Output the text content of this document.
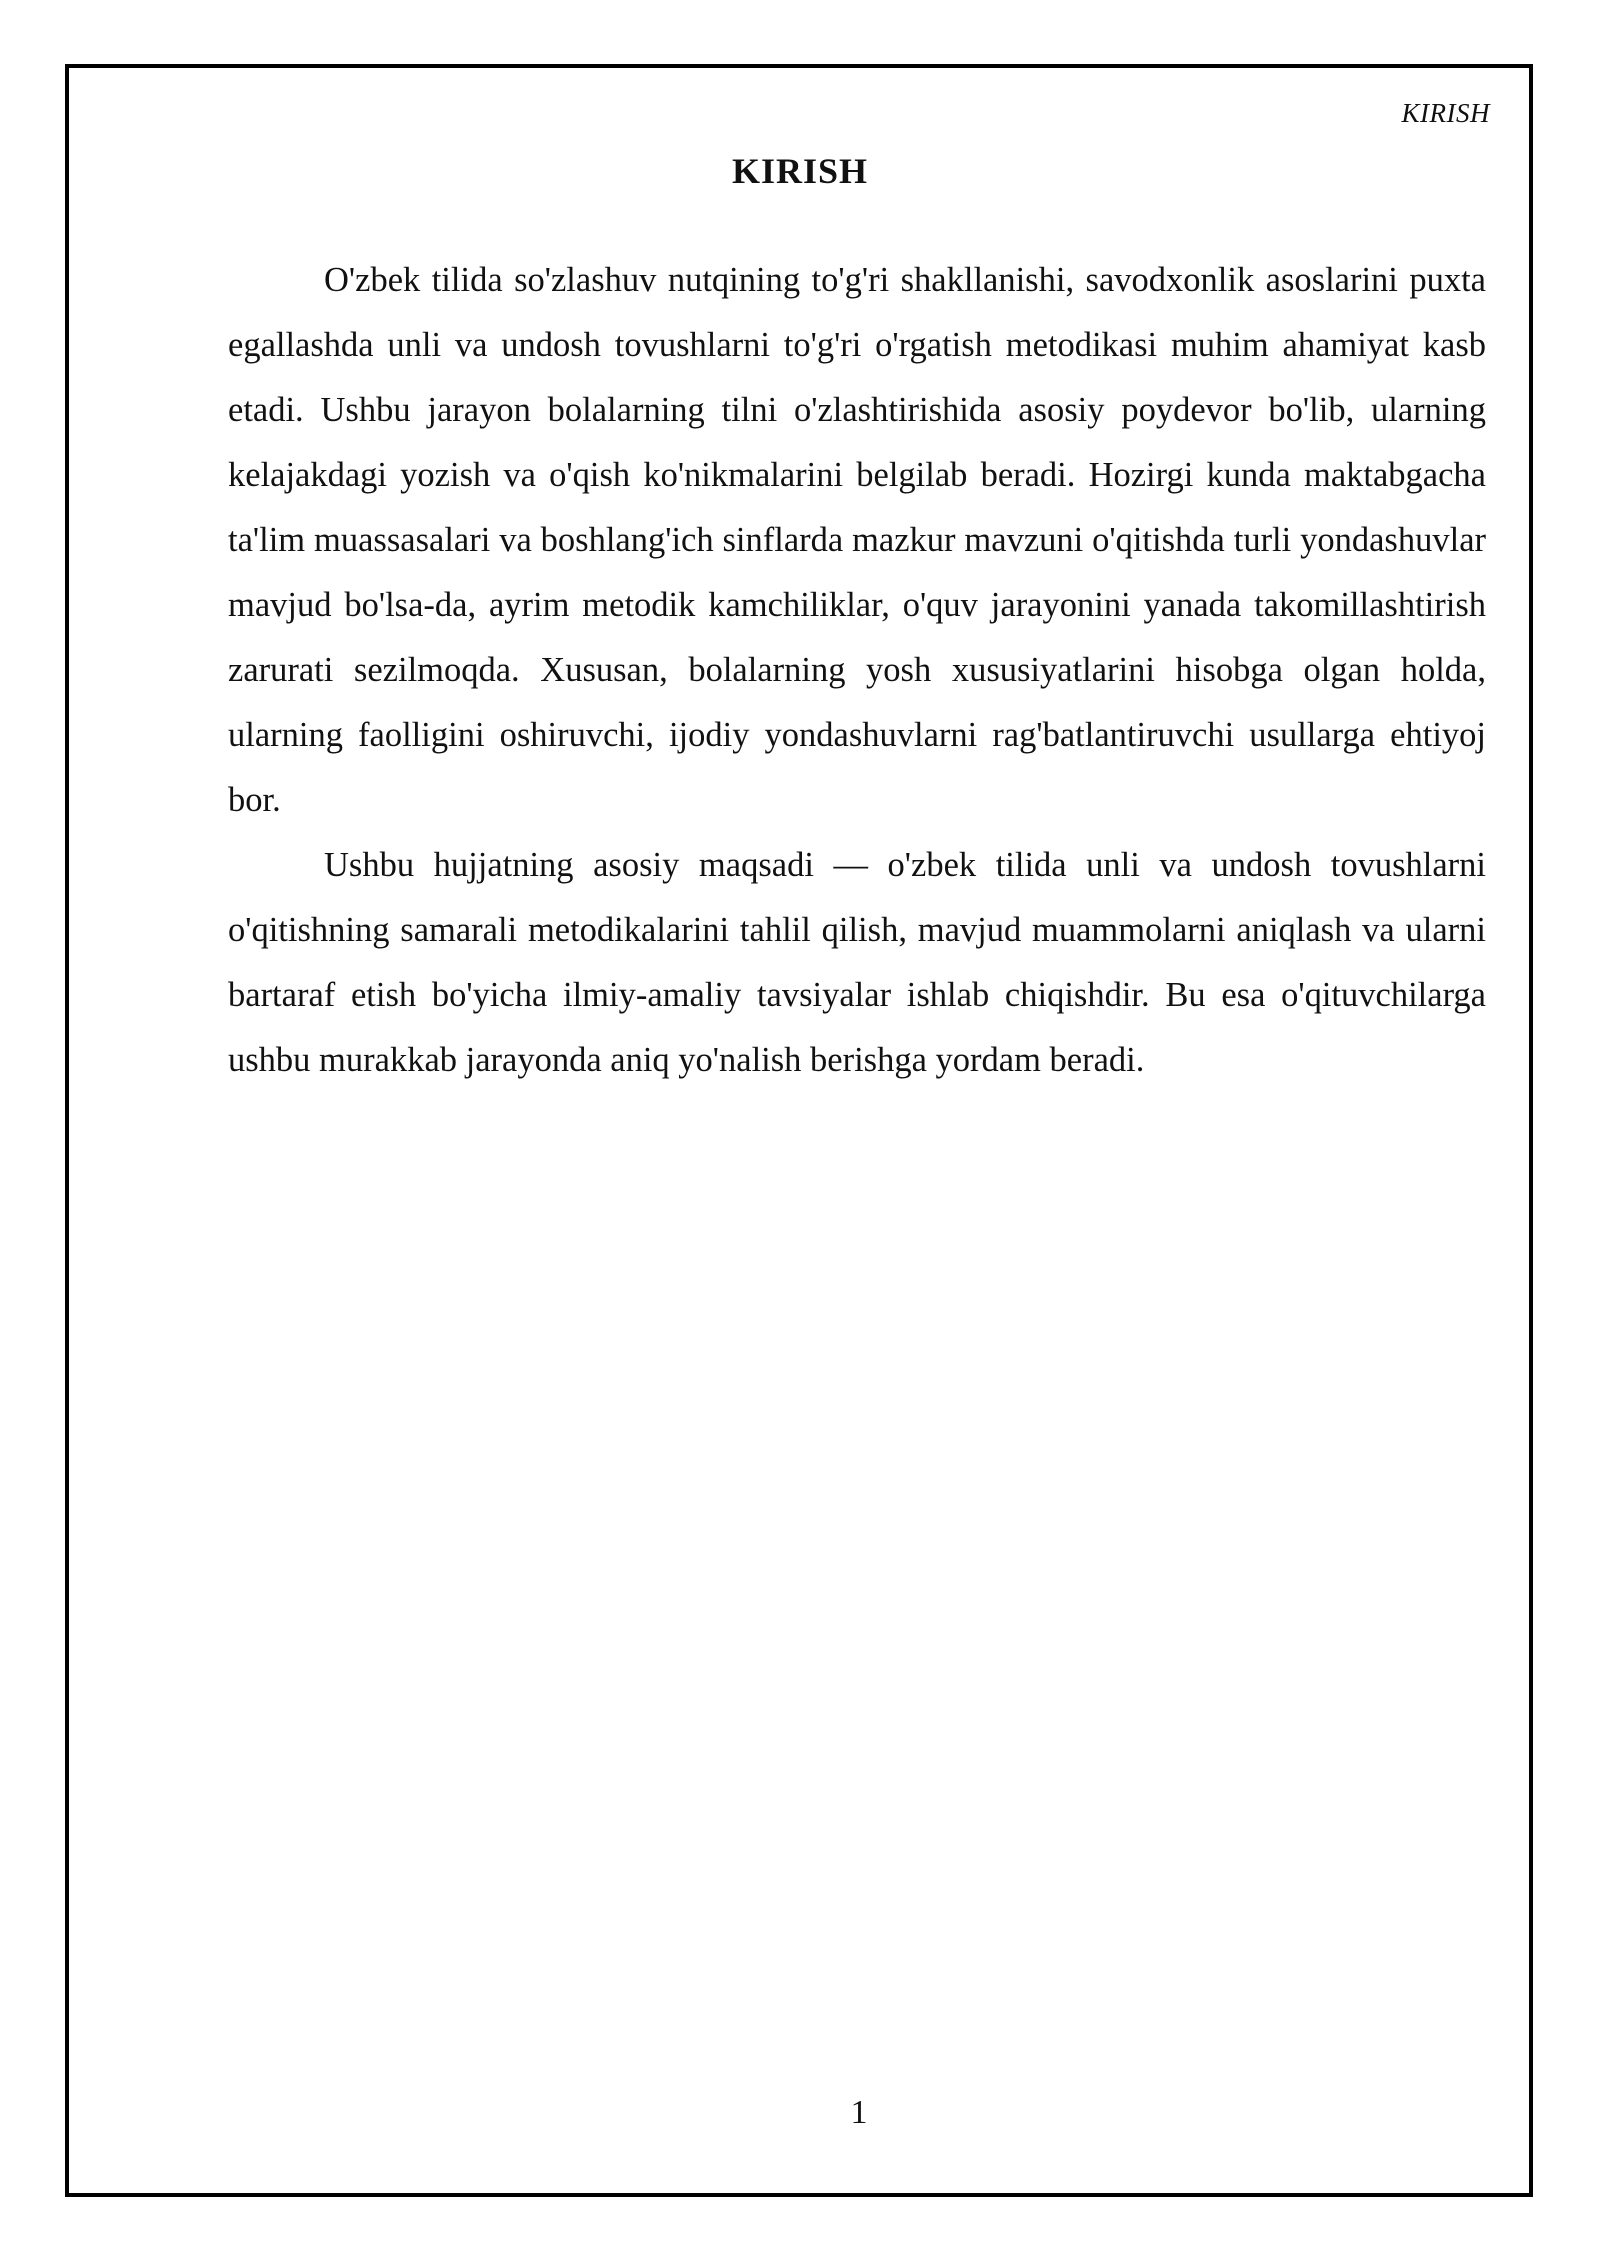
KIRISH
KIRISH

O'zbek tilida so'zlashuv nutqining to'g'ri shakllanishi, savodxonlik asoslarini puxta egallashda unli va undosh tovushlarni to'g'ri o'rgatish metodikasi muhim ahamiyat kasb etadi. Ushbu jarayon bolalarning tilni o'zlashtirishida asosiy poydevor bo'lib, ularning kelajakdagi yozish va o'qish ko'nikmalarini belgilab beradi. Hozirgi kunda maktabgacha ta'lim muassasalari va boshlang'ich sinflarda mazkur mavzuni o'qitishda turli yondashuvlar mavjud bo'lsa-da, ayrim metodik kamchiliklar, o'quv jarayonini yanada takomillashtirish zarurati sezilmoqda. Xususan, bolalarning yosh xususiyatlarini hisobga olgan holda, ularning faolligini oshiruvchi, ijodiy yondashuvlarni rag'batlantiruvchi usullarga ehtiyoj bor.

Ushbu hujjatning asosiy maqsadi — o'zbek tilida unli va undosh tovushlarni o'qitishning samarali metodikalarini tahlil qilish, mavjud muammolarni aniqlash va ularni bartaraf etish bo'yicha ilmiy-amaliy tavsiyalar ishlab chiqishdir. Bu esa o'qituvchilarga ushbu murakkab jarayonda aniq yo'nalish berishga yordam beradi.

1
